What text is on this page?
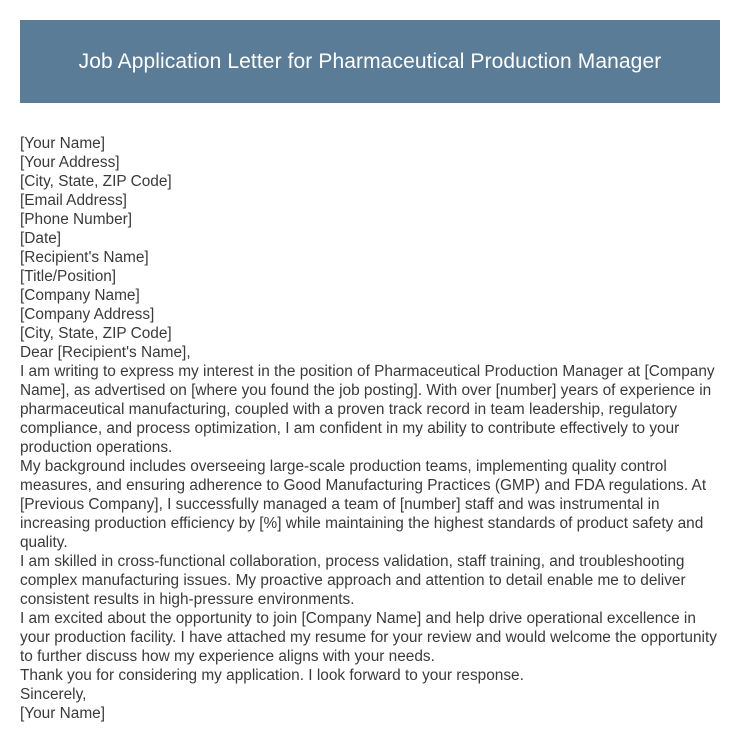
Job Application Letter for Pharmaceutical Production Manager
[Your Name]
[Your Address]
[City, State, ZIP Code]
[Email Address]
[Phone Number]
[Date]
[Recipient's Name]
[Title/Position]
[Company Name]
[Company Address]
[City, State, ZIP Code]
Dear [Recipient's Name],
I am writing to express my interest in the position of Pharmaceutical Production Manager at [Company Name], as advertised on [where you found the job posting]. With over [number] years of experience in pharmaceutical manufacturing, coupled with a proven track record in team leadership, regulatory compliance, and process optimization, I am confident in my ability to contribute effectively to your production operations.
My background includes overseeing large-scale production teams, implementing quality control measures, and ensuring adherence to Good Manufacturing Practices (GMP) and FDA regulations. At [Previous Company], I successfully managed a team of [number] staff and was instrumental in increasing production efficiency by [%] while maintaining the highest standards of product safety and quality.
I am skilled in cross-functional collaboration, process validation, staff training, and troubleshooting complex manufacturing issues. My proactive approach and attention to detail enable me to deliver consistent results in high-pressure environments.
I am excited about the opportunity to join [Company Name] and help drive operational excellence in your production facility. I have attached my resume for your review and would welcome the opportunity to further discuss how my experience aligns with your needs.
Thank you for considering my application. I look forward to your response.
Sincerely,
[Your Name]
